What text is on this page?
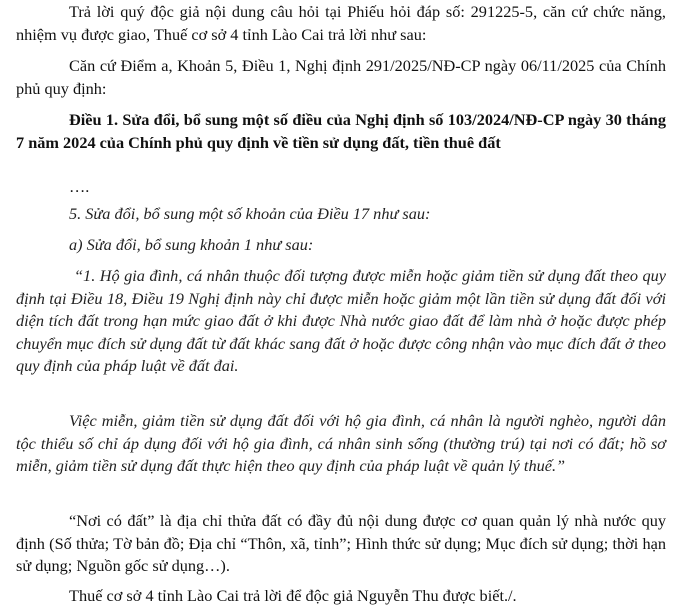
Trả lời quý độc giả nội dung câu hỏi tại Phiếu hỏi đáp số: 291225-5, căn cứ chức năng, nhiệm vụ được giao, Thuế cơ sở 4 tỉnh Lào Cai trả lời như sau:

Căn cứ Điểm a, Khoản 5, Điều 1, Nghị định 291/2025/NĐ-CP ngày 06/11/2025 của Chính phủ quy định:

Điều 1. Sửa đổi, bổ sung một số điều của Nghị định số 103/2024/NĐ-CP ngày 30 tháng 7 năm 2024 của Chính phủ quy định về tiền sử dụng đất, tiền thuê đất

….

5. Sửa đổi, bổ sung một số khoản của Điều 17 như sau:

a) Sửa đổi, bổ sung khoản 1 như sau:

“1. Hộ gia đình, cá nhân thuộc đối tượng được miễn hoặc giảm tiền sử dụng đất theo quy định tại Điều 18, Điều 19 Nghị định này chỉ được miễn hoặc giảm một lần tiền sử dụng đất đối với diện tích đất trong hạn mức giao đất ở khi được Nhà nước giao đất để làm nhà ở hoặc được phép chuyển mục đích sử dụng đất từ đất khác sang đất ở hoặc được công nhận vào mục đích đất ở theo quy định của pháp luật về đất đai.

Việc miễn, giảm tiền sử dụng đất đối với hộ gia đình, cá nhân là người nghèo, người dân tộc thiểu số chỉ áp dụng đối với hộ gia đình, cá nhân sinh sống (thường trú) tại nơi có đất; hồ sơ miễn, giảm tiền sử dụng đất thực hiện theo quy định của pháp luật về quản lý thuế.”

“Nơi có đất” là địa chỉ thửa đất có đầy đủ nội dung được cơ quan quản lý nhà nước quy định (Số thửa; Tờ bản đồ; Địa chỉ “Thôn, xã, tỉnh”; Hình thức sử dụng; Mục đích sử dụng; thời hạn sử dụng; Nguồn gốc sử dụng…).

Thuế cơ sở 4 tỉnh Lào Cai trả lời để độc giả Nguyễn Thu được biết./.
